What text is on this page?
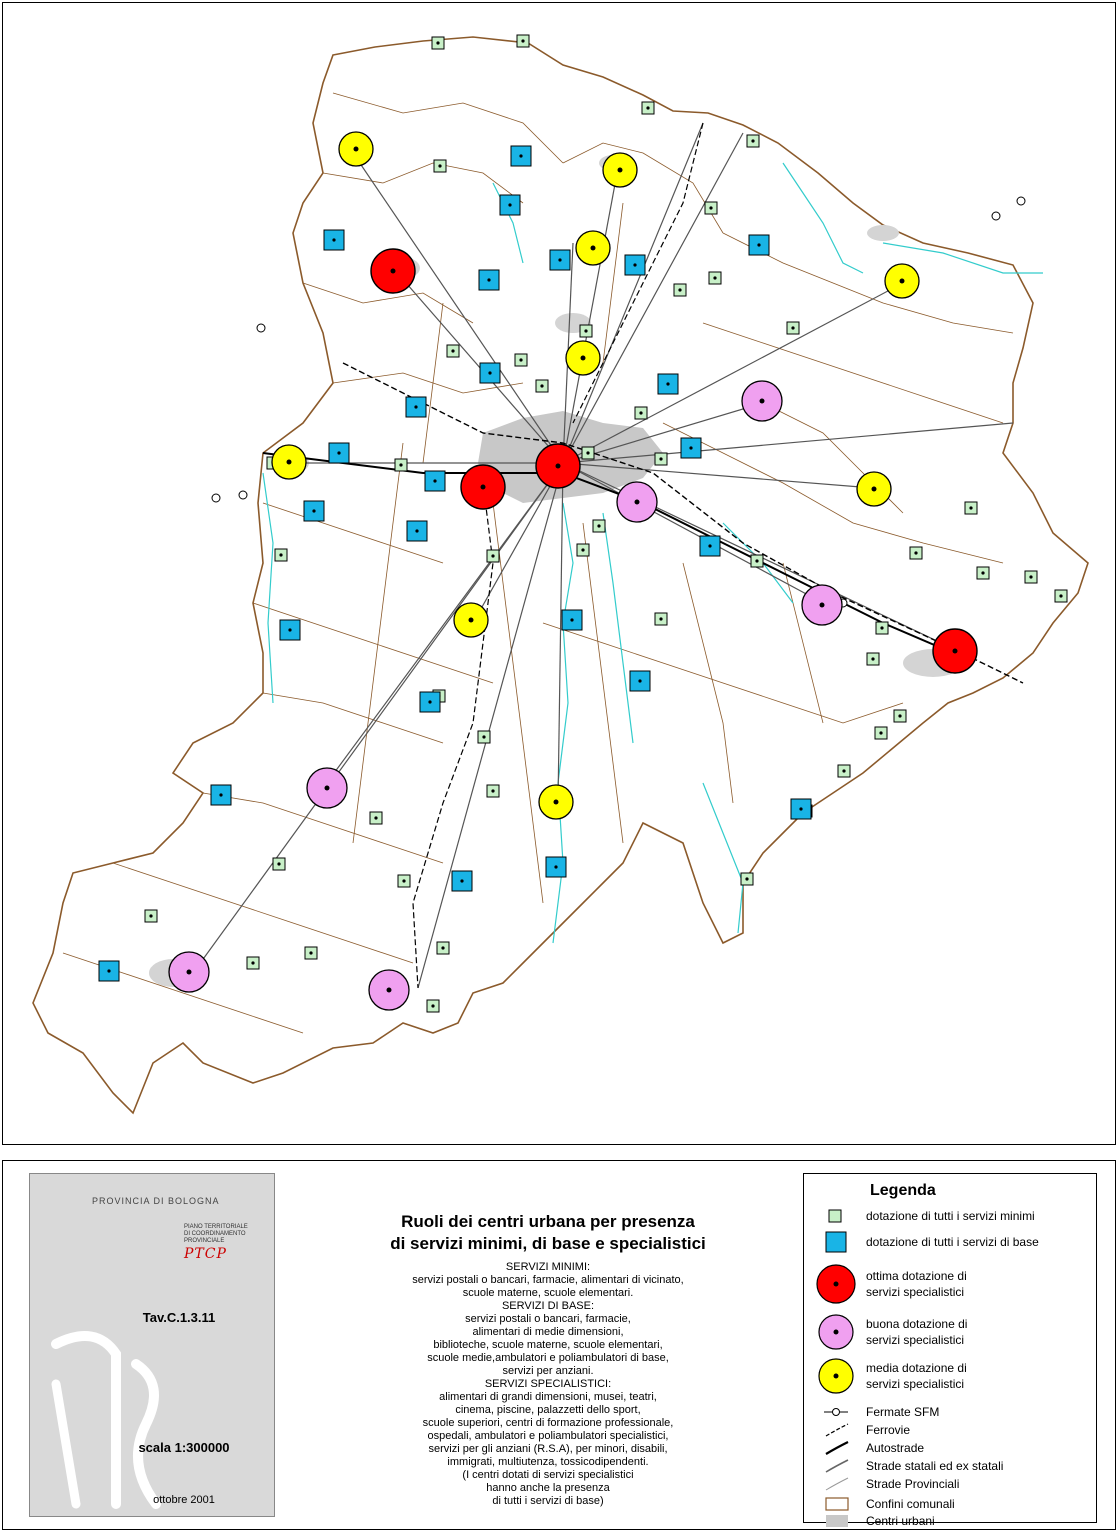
PROVINCIA DI BOLOGNA
PIANO TERRITORIALE
DI COORDINAMENTO
PROVINCIALE
PTCP
Tav.C.1.3.11
scala 1:300000
ottobre 2001
Ruoli dei centri urbana per presenza
di servizi minimi, di base e specialistici
SERVIZI MINIMI:
servizi postali o bancari, farmacie, alimentari di vicinato,
scuole materne, scuole elementari.
SERVIZI DI BASE:
servizi postali o bancari, farmacie,
alimentari di medie dimensioni,
biblioteche, scuole materne, scuole elementari,
scuole medie,ambulatori e poliambulatori di base,
servizi per anziani.
SERVIZI SPECIALISTICI:
alimentari di grandi dimensioni, musei, teatri,
cinema, piscine, palazzetti dello sport,
scuole superiori, centri di formazione professionale,
ospedali, ambulatori e poliambulatori specialistici,
servizi per gli anziani (R.S.A), per minori, disabili,
immigrati, multiutenza, tossicodipendenti.
(I centri dotati di servizi specialistici
hanno anche la presenza
di tutti i servizi di base)
Legenda
dotazione di tutti i servizi minimi
dotazione di tutti i servizi di base
ottima dotazione di
servizi specialistici
buona dotazione di
servizi specialistici
media dotazione di
servizi specialistici
Fermate SFM
Ferrovie
Autostrade
Strade statali ed ex statali
Strade Provinciali
Confini comunali
Centri urbani
